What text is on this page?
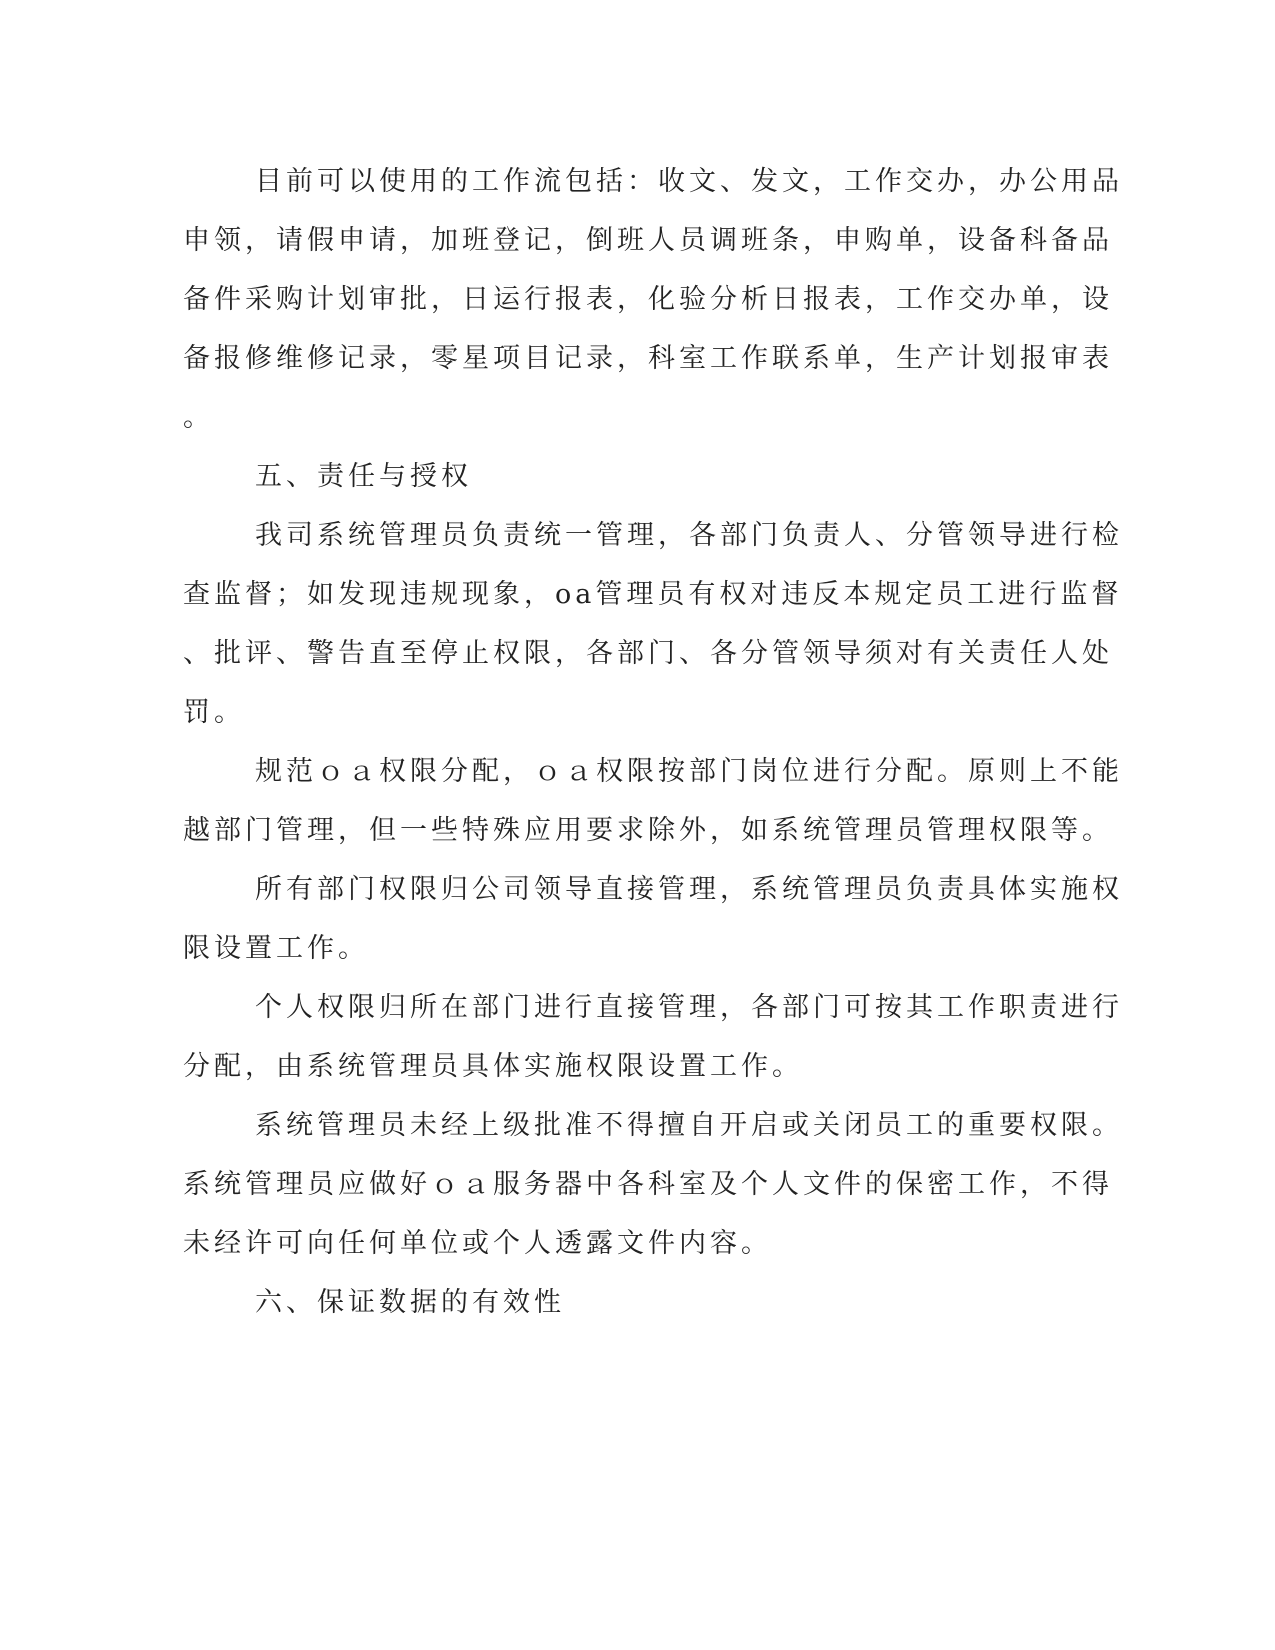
目前可以使用的工作流包括：收文、发文，工作交办，办公用品
申领，请假申请，加班登记，倒班人员调班条，申购单，设备科备品
备件采购计划审批，日运行报表，化验分析日报表，工作交办单，设
备报修维修记录，零星项目记录，科室工作联系单，生产计划报审表
。
五、责任与授权
我司系统管理员负责统一管理，各部门负责人、分管领导进行检
查监督；如发现违规现象，oa管理员有权对违反本规定员工进行监督
、批评、警告直至停止权限，各部门、各分管领导须对有关责任人处
罚。
规范ｏａ权限分配，ｏａ权限按部门岗位进行分配。原则上不能
越部门管理，但一些特殊应用要求除外，如系统管理员管理权限等。
所有部门权限归公司领导直接管理，系统管理员负责具体实施权
限设置工作。
个人权限归所在部门进行直接管理，各部门可按其工作职责进行
分配，由系统管理员具体实施权限设置工作。
系统管理员未经上级批准不得擅自开启或关闭员工的重要权限。
系统管理员应做好ｏａ服务器中各科室及个人文件的保密工作，不得
未经许可向任何单位或个人透露文件内容。
六、保证数据的有效性
